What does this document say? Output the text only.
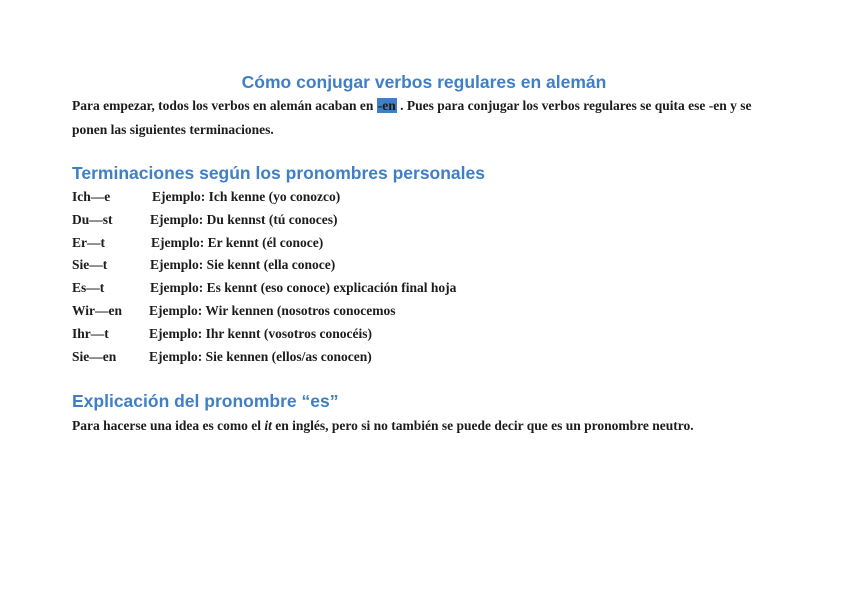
Cómo conjugar verbos regulares en alemán

Para empezar, todos los verbos en alemán acaban en -en . Pues para conjugar los verbos regulares se quita ese -en y se ponen las siguientes terminaciones.

Terminaciones según los pronombres personales
Ich—e	Ejemplo: Ich kenne (yo conozco)
Du—st	Ejemplo: Du kennst (tú conoces)
Er—t	Ejemplo: Er kennt (él conoce)
Sie—t	Ejemplo: Sie kennt (ella conoce)
Es—t	Ejemplo: Es kennt (eso conoce) explicación final hoja
Wir—en Ejemplo: Wir kennen (nosotros conocemos
Ihr—t	Ejemplo: Ihr kennt (vosotros conocéis)
Sie—en Ejemplo: Sie kennen (ellos/as conocen)
Explicación del pronombre “es”

Para hacerse una idea es como el it en inglés, pero si no también se puede decir que es un pronombre neutro.
